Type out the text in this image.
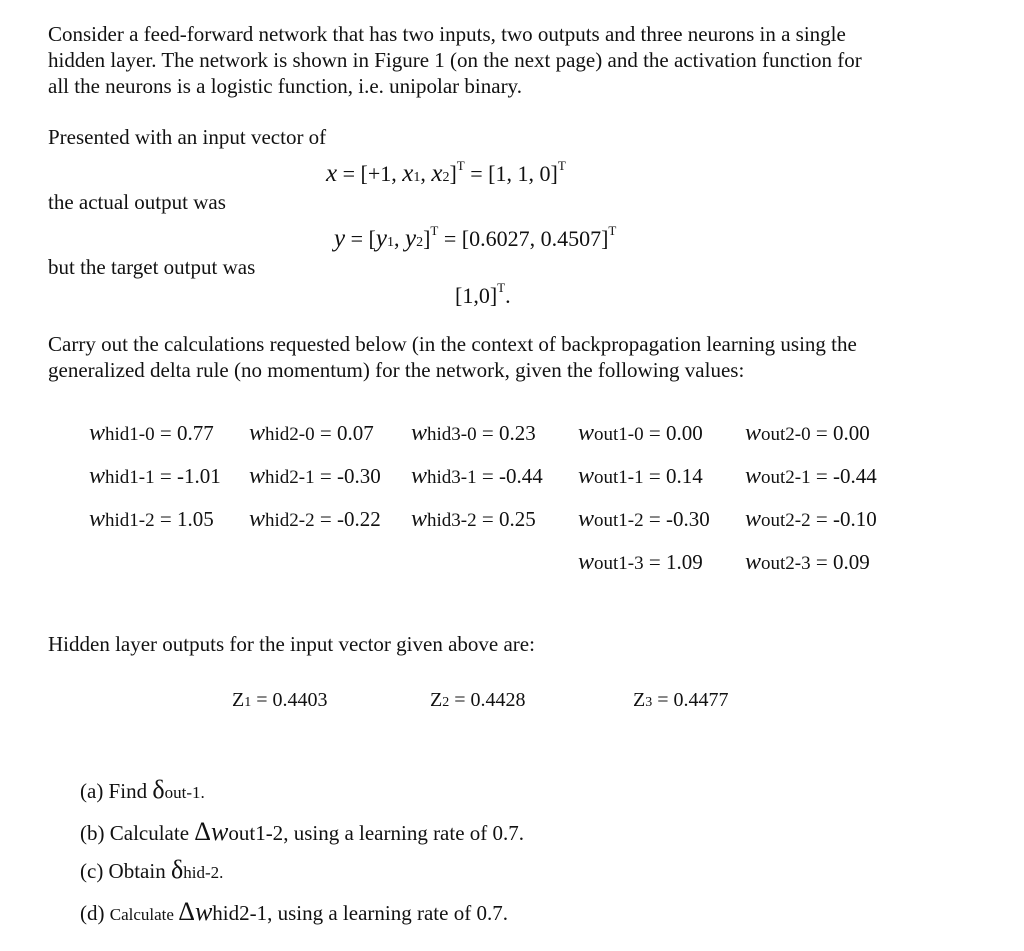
Consider a feed-forward network that has two inputs, two outputs and three neurons in a single
hidden layer. The network is shown in Figure 1 (on the next page) and the activation function for
all the neurons is a logistic function, i.e. unipolar binary.
Presented with an input vector of
x = [+1, x1, x2]$^T$ = [1, 1, 0]$^T$
the actual output was
y = [y1, y2]$^T$ = [0.6027, 0.4507]$^T$
but the target output was
$[1,0]^T$.
Carry out the calculations requested below (in the context of backpropagation learning using the
generalized delta rule (no momentum) for the network, given the following values:
whid1-0 = 0.77 whid2-0 = 0.07 whid3-0 = 0.23 wout1-0 = 0.00 wout2-0 = 0.00
whid1-1 = -1.01 whid2-1 = -0.30 whid3-1 = -0.44 wout1-1 = 0.14 wout2-1 = -0.44
whid1-2 = 1.05 whid2-2 = -0.22 whid3-2 = 0.25 wout1-2 = -0.30 wout2-2 = -0.10
wout1-3 = 1.09 wout2-3 = 0.09
Hidden layer outputs for the input vector given above are:
Z1 = 0.4403	Z2 = 0.4428	Z3 = 0.4477
(a) Find δout-1.
(b) Calculate Δwout1-2, using a learning rate of 0.7.
(c) Obtain δhid-2.
(d) Calculate Δwhid2-1, using a learning rate of 0.7.
